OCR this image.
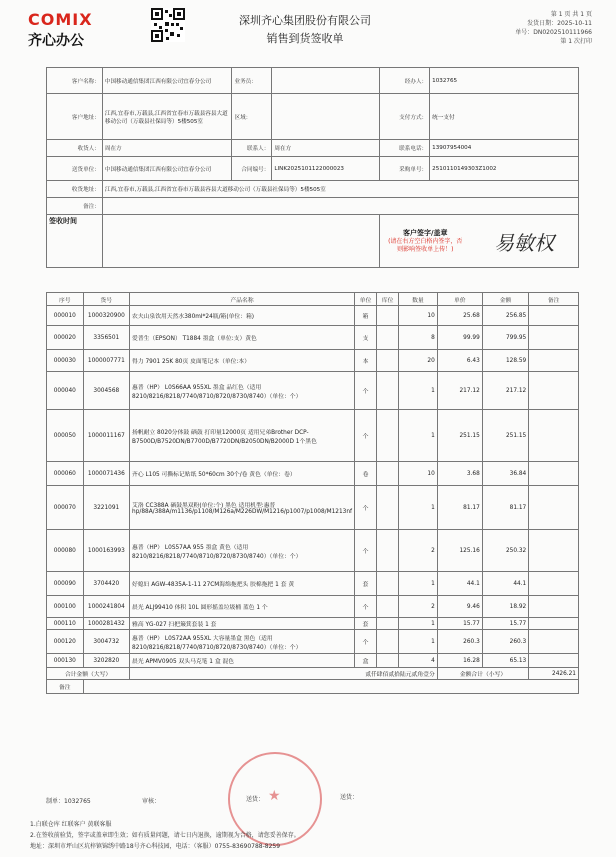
COMIX
齐心办公
深圳齐心集团股份有限公司
销售到货签收单
第 1 页 共 1 页
发货日期：2025-10-11
单号：DN0202510111966
第 1 次打印
客户名称：	中国移动通信集团江西有限公司宜春分公司	业务员：		经办人：	1032765
客户地址：	江西,宜春市,万载县,江西省宜春市万载县容县大道移动公司（万载县社保局等）5楼505室	区域：		支付方式：	统一支付
收货人：	周在方	联系人：	周在方	联系电话：	13907954004
送货单位：	中国移动通信集团江西有限公司宜春分公司	合同编号：	LINK2025101122000023	采购单号：	2510110149303Z1002
收货地址：	江西,宜春市,万载县,江西省宜春市万载县容县大道移动公司（万载县社保局等）5楼505室				
备注：					
签收时间				客户签字/盖章
(请在右方空白格内签字，否
则影响签收单上传！) 易敏权	
序号	货号	产品名称	单位	库位	数量	单价	金额	备注
000010	1000320900	农夫山泉饮用天然水380ml*24瓶/箱(单位：箱)	箱		10	25.68	256.85	
000020	3356501	爱普生（EPSON） T1884 墨盒（单位:支）黄色	支		8	99.99	799.95	
000030	1000007771	得力 7901 25K 80页 皮面笔记本（单位:本）	本		20	6.43	128.59	
000040	3004568	惠普（HP） L0S66AA 955XL 墨盒 品红色（适用8210/8216/8218/7740/8710/8720/8730/8740）（单位：个）	个		1	217.12	217.12	
000050	1000011167	扬帆耐立 8020分体鼓 硒鼓 打印量12000页 适用兄弟Brother DCP-B7500D/B7520DN/B7700D/B7720DN/B2050DN/B2000D 1个黑色	个		1	251.15	251.15	
000060	1000071436	齐心 L105 可撕标记贴纸 50*60cm 30个/卷 黄色（单位：卷）	卷		10	3.68	36.84	
000070	3221091	艾洛 CC388A 硒鼓黑双粉(单位:个) 黑色 适用机型:惠普hp/88A/388A/m1136/p1108/M126a/M226DW/M1216/p1007/p1008/M1213nf	个		1	81.17	81.17	
000080	1000163993	惠普（HP） L0S57AA 955 墨盒 黄色（适用8210/8216/8218/7740/8710/8720/8730/8740）（单位：个）	个		2	125.16	250.32	
000090	3704420	好媳妇 AGW-4835A-1-11 27CM海绵拖把头 胶棉拖把 1 套 黄	套		1	44.1	44.1	
000100	1000241804	晨光 ALJ99410 体积 10L 圆形摇盖垃圾桶 蓝色 1 个	个		2	9.46	18.92	
000110	1000281432	雅高 YG-027 扫把簸箕套装 1 套	套		1	15.77	15.77	
000120	3004732	惠普（HP） L0S72AA 955XL 大容量墨盒 黑色（适用8210/8216/8218/7740/8710/8720/8730/8740）（单位：个）	个		1	260.3	260.3	
000130	3202820	晨光 APMV0905 双头马克笔 1 盒 混色	盒		4	16.28	65.13	
合计金额（大写）		贰仟肆佰贰拾陆元贰角壹分				金额合计（小写）		2426.21
备注								
★
制单：1032765	审核：	送货：	送货：
1.白联仓库 红联客户 黄联客服
2.在签收前验货，签字或盖章即生效；如有质量问题，请七日内退换，逾期视为合格，请您妥善保存。
地址：深圳市坪山区坑梓镇锦绣中路18号齐心科技园，电话：（客服）0755-83690788-8259
